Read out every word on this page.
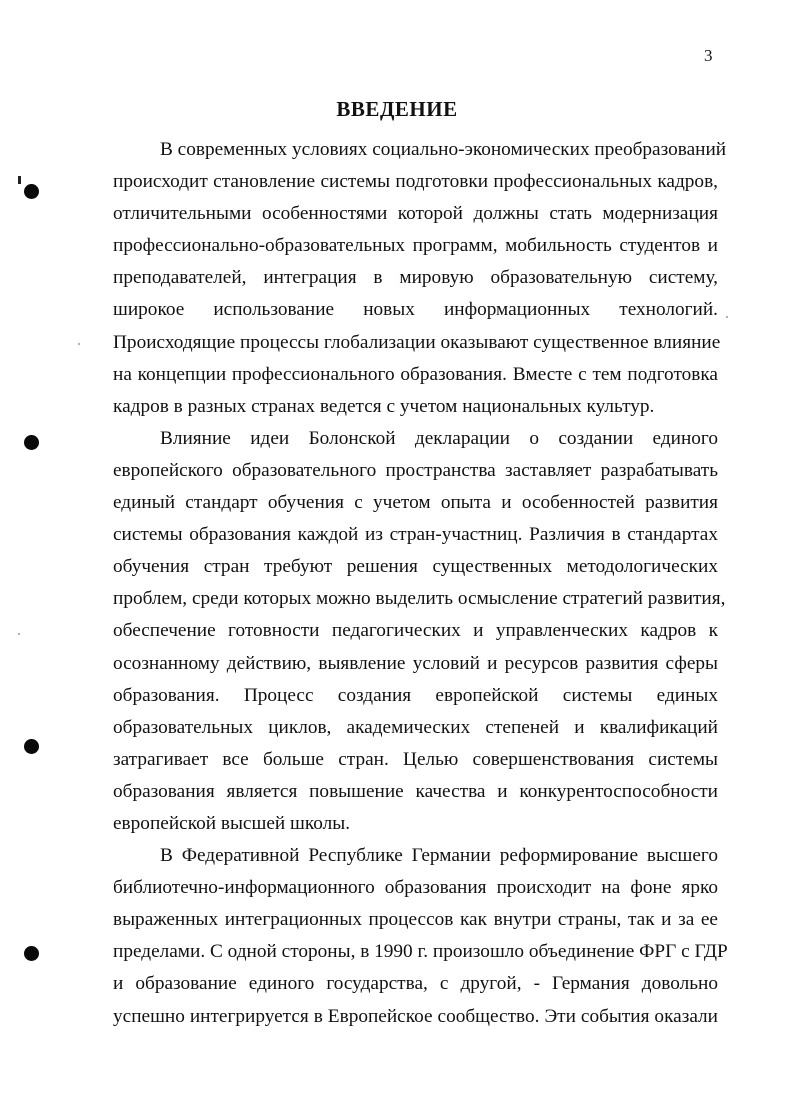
3
ВВЕДЕНИЕ
В современных условиях социально-экономических преобразований
происходит становление системы подготовки профессиональных кадров,
отличительными особенностями которой должны стать модернизация
профессионально-образовательных программ, мобильность студентов и
преподавателей, интеграция в мировую образовательную систему,
широкое использование новых информационных технологий.
Происходящие процессы глобализации оказывают существенное влияние
на концепции профессионального образования. Вместе с тем подготовка
кадров в разных странах ведется с учетом национальных культур.
Влияние идеи Болонской декларации о создании единого
европейского образовательного пространства заставляет разрабатывать
единый стандарт обучения с учетом опыта и особенностей развития
системы образования каждой из стран-участниц. Различия в стандартах
обучения стран требуют решения существенных методологических
проблем, среди которых можно выделить осмысление стратегий развития,
обеспечение готовности педагогических и управленческих кадров к
осознанному действию, выявление условий и ресурсов развития сферы
образования. Процесс создания европейской системы единых
образовательных циклов, академических степеней и квалификаций
затрагивает все больше стран. Целью совершенствования системы
образования является повышение качества и конкурентоспособности
европейской высшей школы.
В Федеративной Республике Германии реформирование высшего
библиотечно-информационного образования происходит на фоне ярко
выраженных интеграционных процессов как внутри страны, так и за ее
пределами. С одной стороны, в 1990 г. произошло объединение ФРГ с ГДР
и образование единого государства, с другой, - Германия довольно
успешно интегрируется в Европейское сообщество. Эти события оказали
